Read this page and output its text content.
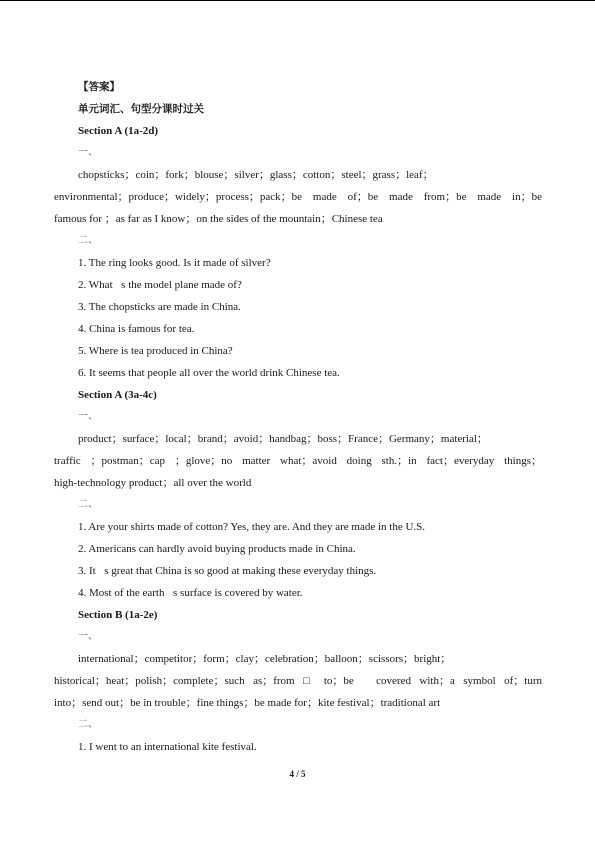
【答案】
单元词汇、句型分课时过关
Section A (1a-2d)
一、
chopsticks；coin；fork；blouse；silver；glass；cotton；steel；grass；leaf；
environmental；produce；widely；process；pack；be made of；be made from；be made in；be
famous for ；as far as I know；on the sides of the mountain；Chinese tea
二、
1. The ring looks good. Is it made of silver?
2. What s the model plane made of?
3. The chopsticks are made in China.
4. China is famous for tea.
5. Where is tea produced in China?
6. It seems that people all over the world drink Chinese tea.
Section A (3a-4c)
一、
product；surface；local；brand；avoid；handbag；boss；France；Germany；material；
traffic ；postman；cap ；glove；no matter what；avoid doing sth.；in fact；everyday things；
high-technology product；all over the world
二、
1. Are your shirts made of cotton? Yes, they are. And they are made in the U.S.
2. Americans can hardly avoid buying products made in China.
3. It s great that China is so good at making these everyday things.
4. Most of the earth s surface is covered by water.
Section B (1a-2e)
一、
international；competitor；form；clay；celebration；balloon；scissors；bright；
historical；heat；polish；complete；such as；from □ to；be　covered with；a symbol of；turn
into；send out；be in trouble；fine things；be made for；kite festival；traditional art
二、
1. I went to an international kite festival.
4 / 5
